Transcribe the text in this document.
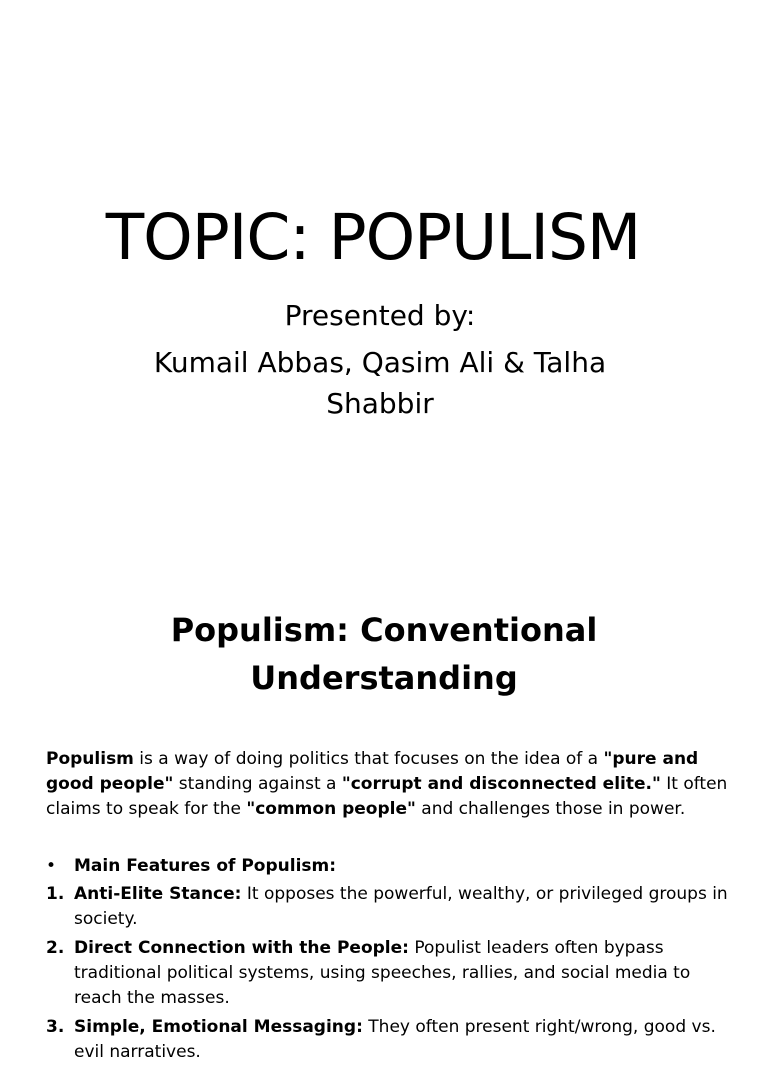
TOPIC: POPULISM

Presented by:

Kumail Abbas, Qasim Ali & Talha Shabbir

Populism: Conventional Understanding

Populism is a way of doing politics that focuses on the idea of a "pure and good people" standing against a "corrupt and disconnected elite." It often claims to speak for the "common people" and challenges those in power.

•	Main Features of Populism:

1. Anti-Elite Stance: It opposes the powerful, wealthy, or privileged groups in society.
2. Direct Connection with the People: Populist leaders often bypass traditional political systems, using speeches, rallies, and social media to reach the masses.
3. Simple, Emotional Messaging: They often present right/wrong, good vs. evil narratives.
